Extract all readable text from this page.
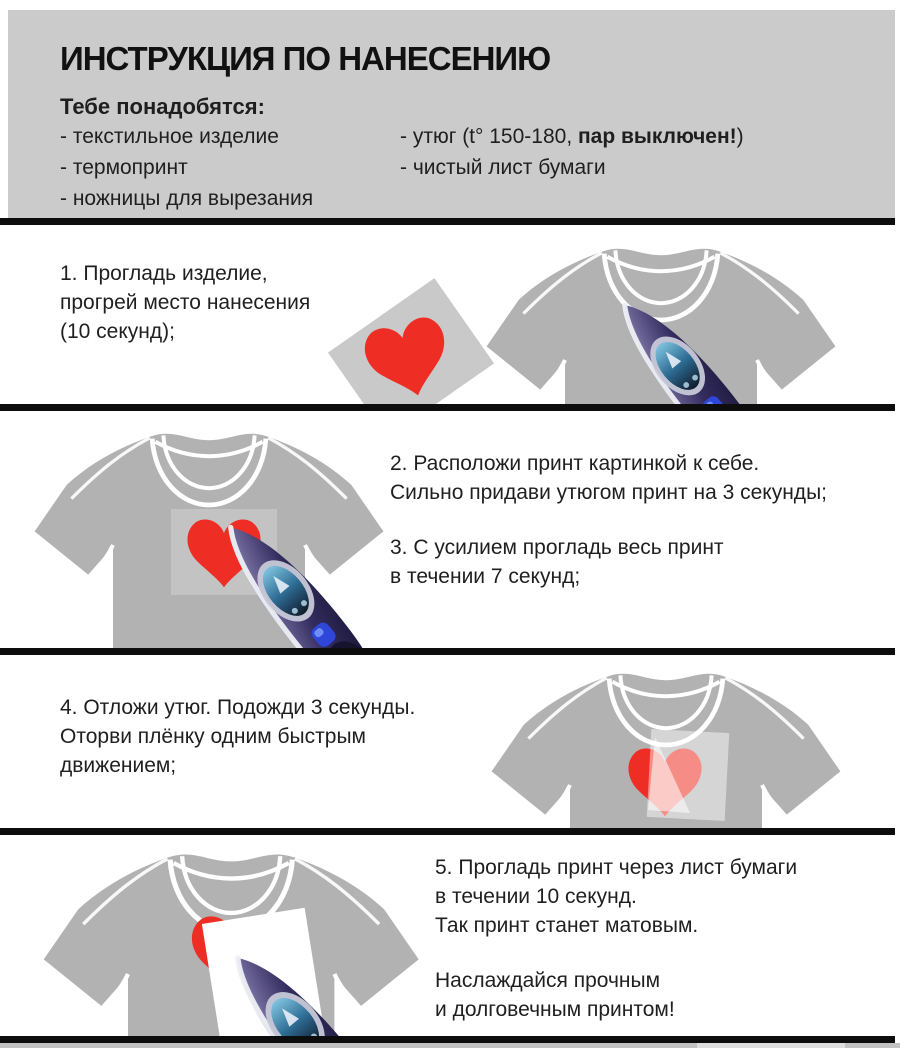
ИНСТРУКЦИЯ ПО НАНЕСЕНИЮ
Тебе понадобятся:
- текстильное изделие
- термопринт
- ножницы для вырезания
- утюг (t° 150-180, пар выключен!)
- чистый лист бумаги
1. Прогладь изделие,
прогрей место нанесения
(10 секунд);
2. Расположи принт картинкой к себе.
Сильно придави утюгом принт на 3 секунды;
3. С усилием прогладь весь принт
в течении 7 секунд;
4. Отложи утюг. Подожди 3 секунды.
Оторви плёнку одним быстрым
движением;
5. Прогладь принт через лист бумаги
в течении 10 секунд.
Так принт станет матовым.
Наслаждайся прочным
и долговечным принтом!
